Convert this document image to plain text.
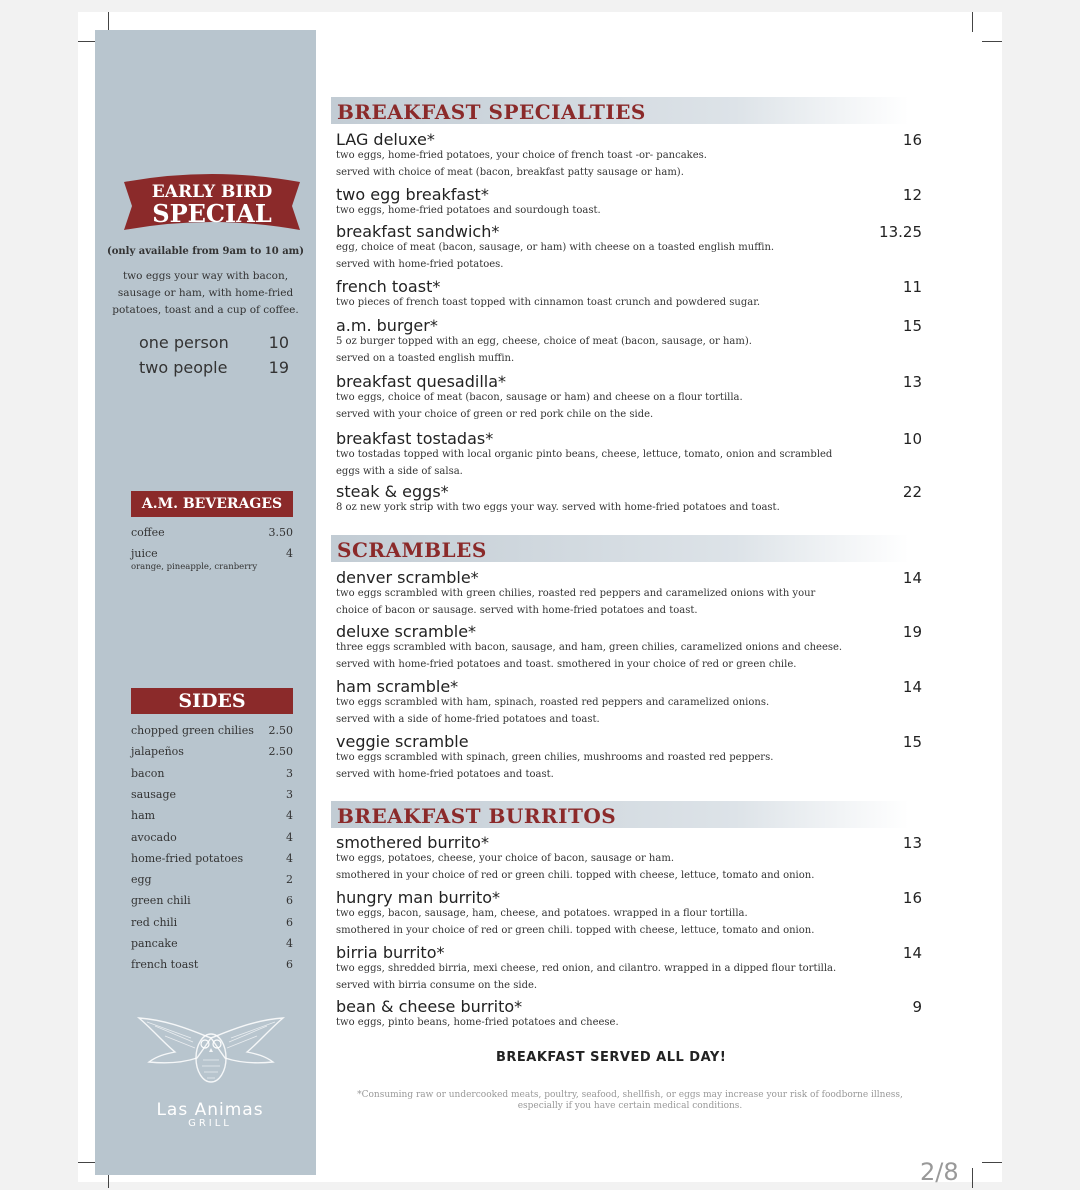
EARLY BIRD
SPECIAL
(only available from 9am to 10 am)
two eggs your way with bacon,
sausage or ham, with home-fried
potatoes, toast and a cup of coffee.
one person 10
two people	19
A.M. BEVERAGES
coffee	3.50
juice	4
orange, pineapple, cranberry
SIDES
chopped green chilies 2.50
jalapeños	2.50
bacon	3
sausage	3
ham	4
avocado	4
home-fried potatoes	4
egg	2
green chili	6
red chili	6
pancake	4
french toast	6
Las Animas
GRILL
BREAKFAST SPECIALTIES
LAG deluxe*	16
two eggs, home-fried potatoes, your choice of french toast -or- pancakes.
served with choice of meat (bacon, breakfast patty sausage or ham).
two egg breakfast*	12
two eggs, home-fried potatoes and sourdough toast.
breakfast sandwich*	13.25
egg, choice of meat (bacon, sausage, or ham) with cheese on a toasted english muffin.
served with home-fried potatoes.
french toast*	11
two pieces of french toast topped with cinnamon toast crunch and powdered sugar.
a.m. burger*	15
5 oz burger topped with an egg, cheese, choice of meat (bacon, sausage, or ham).
served on a toasted english muffin.
breakfast quesadilla*	13
two eggs, choice of meat (bacon, sausage or ham) and cheese on a flour tortilla.
served with your choice of green or red pork chile on the side.
breakfast tostadas*	10
two tostadas topped with local organic pinto beans, cheese, lettuce, tomato, onion and scrambled
eggs with a side of salsa.
steak & eggs*	22
8 oz new york strip with two eggs your way. served with home-fried potatoes and toast.
SCRAMBLES
denver scramble*	14
two eggs scrambled with green chilies, roasted red peppers and caramelized onions with your
choice of bacon or sausage. served with home-fried potatoes and toast.
deluxe scramble*	19
three eggs scrambled with bacon, sausage, and ham, green chilies, caramelized onions and cheese.
served with home-fried potatoes and toast. smothered in your choice of red or green chile.
ham scramble*	14
two eggs scrambled with ham, spinach, roasted red peppers and caramelized onions.
served with a side of home-fried potatoes and toast.
veggie scramble	15
two eggs scrambled with spinach, green chilies, mushrooms and roasted red peppers.
served with home-fried potatoes and toast.
BREAKFAST BURRITOS
smothered burrito*	13
two eggs, potatoes, cheese, your choice of bacon, sausage or ham.
smothered in your choice of red or green chili. topped with cheese, lettuce, tomato and onion.
hungry man burrito*	16
two eggs, bacon, sausage, ham, cheese, and potatoes. wrapped in a flour tortilla.
smothered in your choice of red or green chili. topped with cheese, lettuce, tomato and onion.
birria burrito*	14
two eggs, shredded birria, mexi cheese, red onion, and cilantro. wrapped in a dipped flour tortilla.
served with birria consume on the side.
bean & cheese burrito*	9
two eggs, pinto beans, home-fried potatoes and cheese.
BREAKFAST SERVED ALL DAY!
*Consuming raw or undercooked meats, poultry, seafood, shellfish, or eggs may increase your risk of foodborne illness,
especially if you have certain medical conditions.
2/8
